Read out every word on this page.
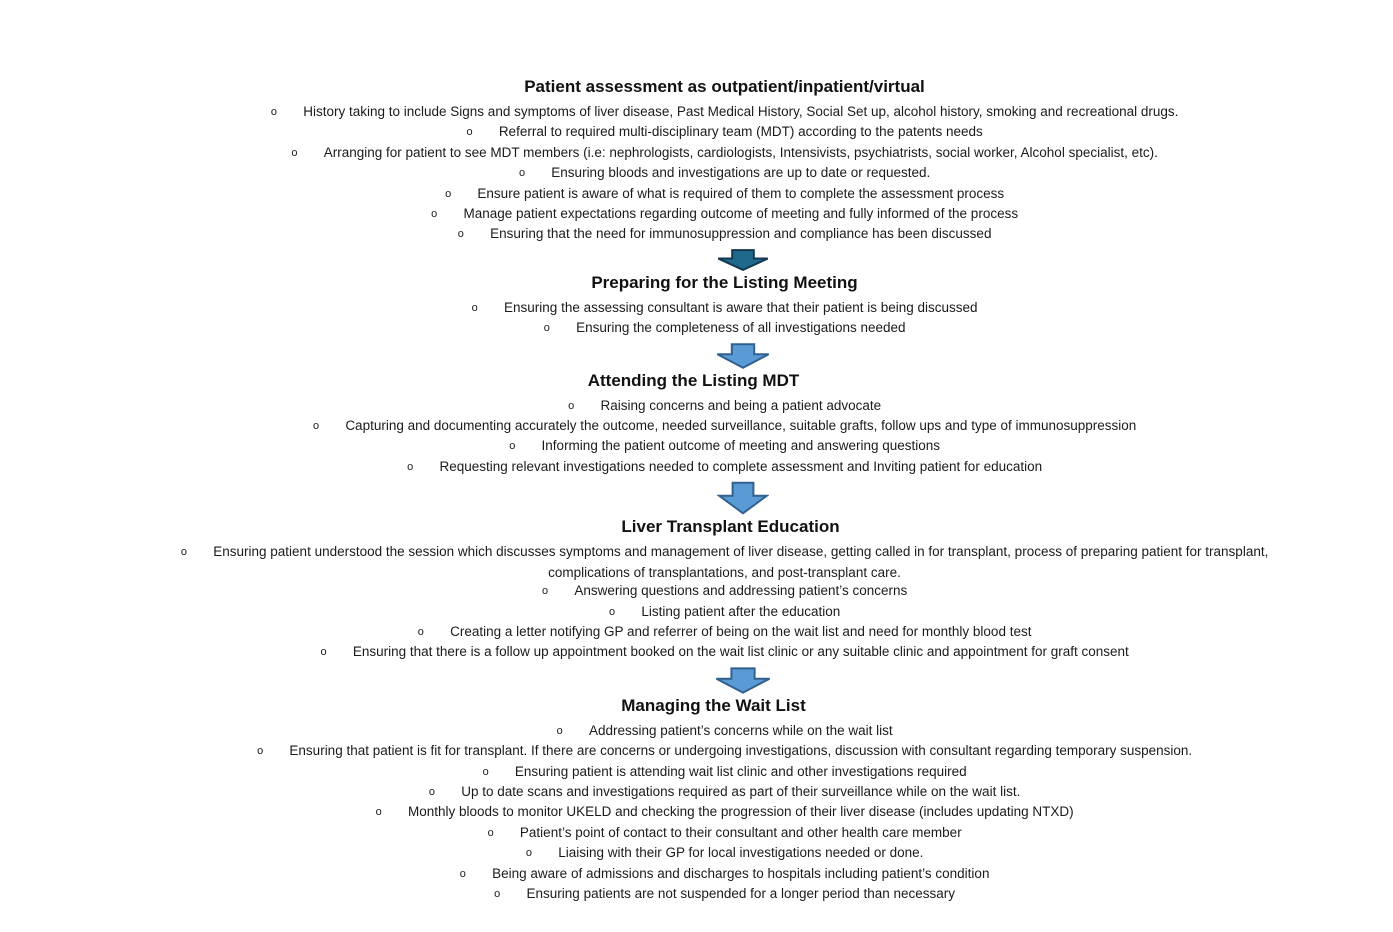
Patient assessment as outpatient/inpatient/virtual
o History taking to include Signs and symptoms of liver disease, Past Medical History, Social Set up, alcohol history, smoking and recreational drugs.
o Referral to required multi-disciplinary team (MDT) according to the patents needs
o Arranging for patient to see MDT members (i.e: nephrologists, cardiologists, Intensivists, psychiatrists, social worker, Alcohol specialist, etc).
o Ensuring bloods and investigations are up to date or requested.
o Ensure patient is aware of what is required of them to complete the assessment process
o Manage patient expectations regarding outcome of meeting and fully informed of the process
o Ensuring that the need for immunosuppression and compliance has been discussed
Preparing for the Listing Meeting
o Ensuring the assessing consultant is aware that their patient is being discussed
o Ensuring the completeness of all investigations needed
Attending the Listing MDT
o Raising concerns and being a patient advocate
o Capturing and documenting accurately the outcome, needed surveillance, suitable grafts, follow ups and type of immunosuppression
o Informing the patient outcome of meeting and answering questions
o Requesting relevant investigations needed to complete assessment and Inviting patient for education
Liver Transplant Education
o Ensuring patient understood the session which discusses symptoms and management of liver disease, getting called in for transplant, process of preparing patient for transplant, complications of transplantations, and post-transplant care.
o Answering questions and addressing patient’s concerns
o Listing patient after the education
o Creating a letter notifying GP and referrer of being on the wait list and need for monthly blood test
o Ensuring that there is a follow up appointment booked on the wait list clinic or any suitable clinic and appointment for graft consent
Managing the Wait List
o Addressing patient’s concerns while on the wait list
o Ensuring that patient is fit for transplant. If there are concerns or undergoing investigations, discussion with consultant regarding temporary suspension.
o Ensuring patient is attending wait list clinic and other investigations required
o Up to date scans and investigations required as part of their surveillance while on the wait list.
o Monthly bloods to monitor UKELD and checking the progression of their liver disease (includes updating NTXD)
o Patient’s point of contact to their consultant and other health care member
o Liaising with their GP for local investigations needed or done.
o Being aware of admissions and discharges to hospitals including patient’s condition
o Ensuring patients are not suspended for a longer period than necessary
